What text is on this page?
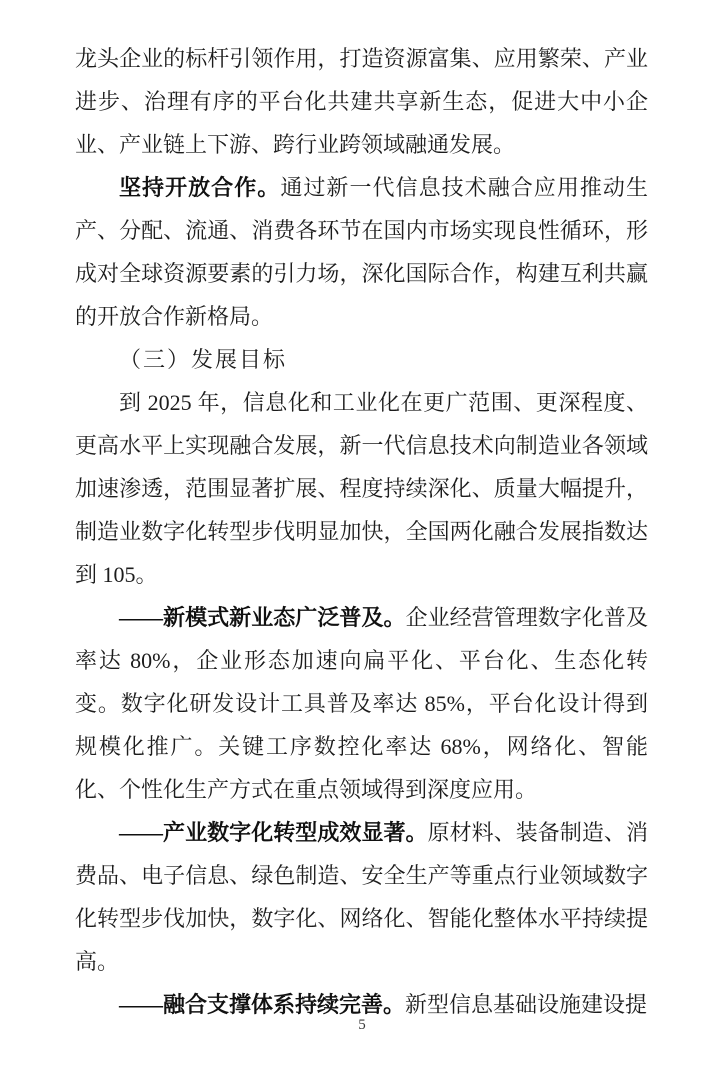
龙头企业的标杆引领作用，打造资源富集、应用繁荣、产业进步、治理有序的平台化共建共享新生态，促进大中小企业、产业链上下游、跨行业跨领域融通发展。

坚持开放合作。通过新一代信息技术融合应用推动生产、分配、流通、消费各环节在国内市场实现良性循环，形成对全球资源要素的引力场，深化国际合作，构建互利共赢的开放合作新格局。

（三）发展目标

到 2025 年，信息化和工业化在更广范围、更深程度、更高水平上实现融合发展，新一代信息技术向制造业各领域加速渗透，范围显著扩展、程度持续深化、质量大幅提升，制造业数字化转型步伐明显加快，全国两化融合发展指数达到 105。

——新模式新业态广泛普及。企业经营管理数字化普及率达 80%，企业形态加速向扁平化、平台化、生态化转变。数字化研发设计工具普及率达 85%，平台化设计得到规模化推广。关键工序数控化率达 68%，网络化、智能化、个性化生产方式在重点领域得到深度应用。

——产业数字化转型成效显著。原材料、装备制造、消费品、电子信息、绿色制造、安全生产等重点行业领域数字化转型步伐加快，数字化、网络化、智能化整体水平持续提高。

——融合支撑体系持续完善。新型信息基础设施建设提

5
